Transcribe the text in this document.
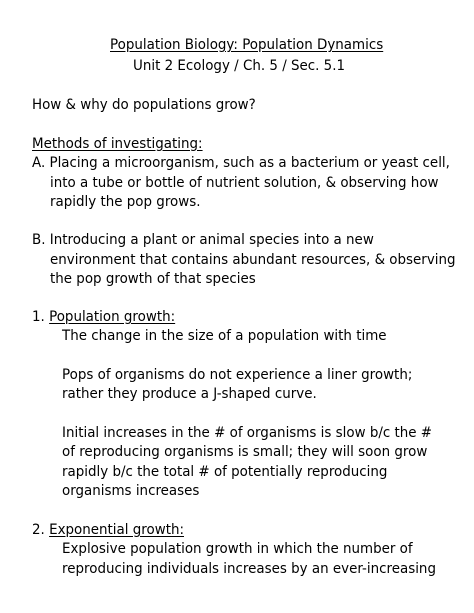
Population Biology: Population Dynamics
Unit 2 Ecology / Ch. 5 / Sec. 5.1
How & why do populations grow?
Methods of investigating:
A. Placing a microorganism, such as a bacterium or yeast cell,
into a tube or bottle of nutrient solution, & observing how
rapidly the pop grows.
B. Introducing a plant or animal species into a new
environment that contains abundant resources, & observing
the pop growth of that species
1. Population growth:
The change in the size of a population with time
Pops of organisms do not experience a liner growth;
rather they produce a J-shaped curve.
Initial increases in the # of organisms is slow b/c the #
of reproducing organisms is small; they will soon grow
rapidly b/c the total # of potentially reproducing
organisms increases
2. Exponential growth:
Explosive population growth in which the number of
reproducing individuals increases by an ever-increasing
